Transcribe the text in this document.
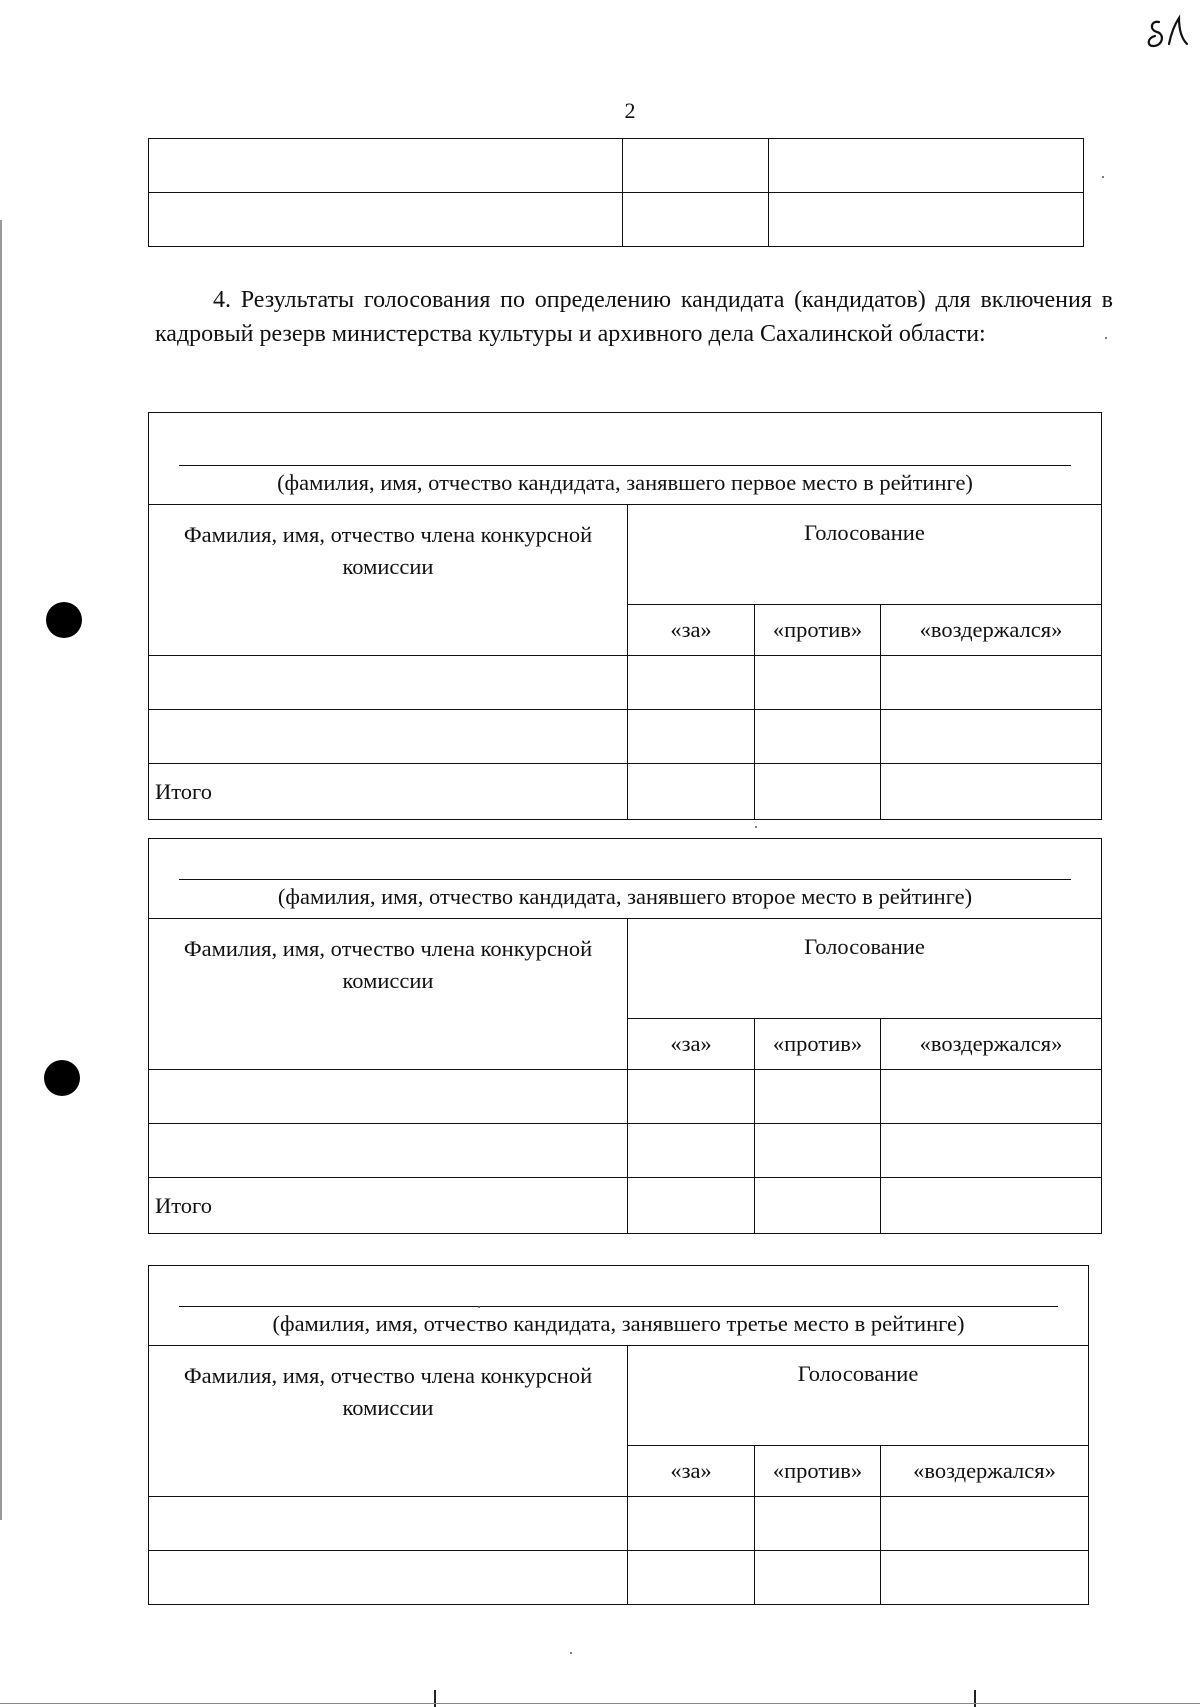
2

4. Результаты голосования по определению кандидата (кандидатов) для включения в кадровый резерв министерства культуры и архивного дела Сахалинской области:
(фамилия, имя, отчество кандидата, занявшего первое место в рейтинге)			

Фамилия, имя, отчество члена конкурсной комиссии	Голосование		
	«за»	«против»	«воздержался»

Итого			
(фамилия, имя, отчество кандидата, занявшего второе место в рейтинге)			

Фамилия, имя, отчество члена конкурсной комиссии	Голосование		
	«за»	«против»	«воздержался»

Итого			
(фамилия, имя, отчество кандидата, занявшего третье место в рейтинге)			

Фамилия, имя, отчество члена конкурсной комиссии	Голосование		
	«за»	«против»	«воздержался»
